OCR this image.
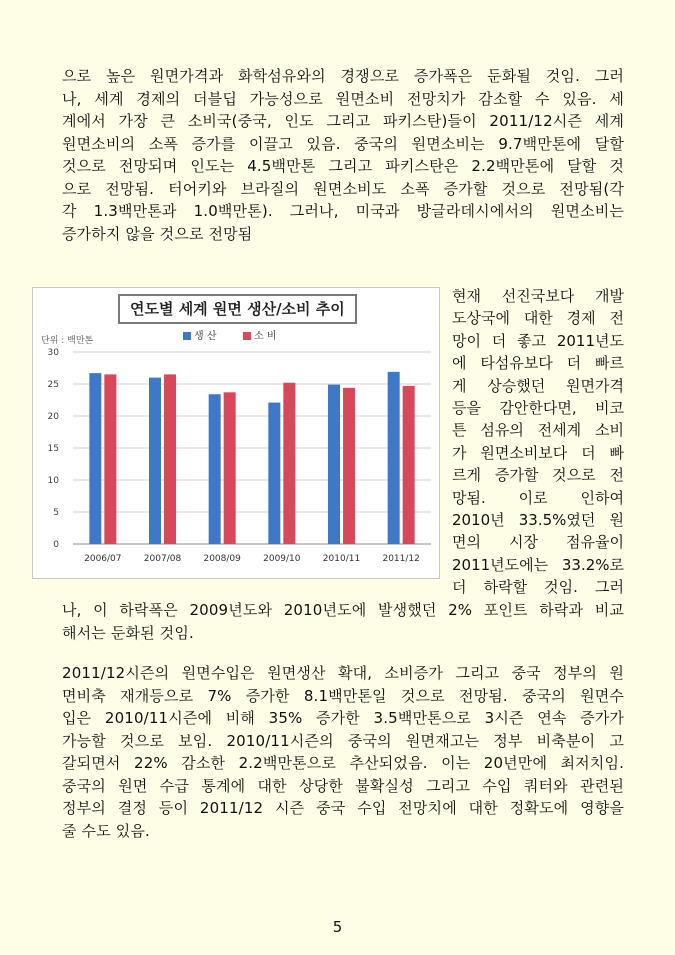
으로 높은 원면가격과 화학섬유와의 경쟁으로 증가폭은 둔화될 것임. 그러
나, 세계 경제의 더블딥 가능성으로 원면소비 전망치가 감소할 수 있음. 세
계에서 가장 큰 소비국(중국, 인도 그리고 파키스탄)들이 2011/12시즌 세계
원면소비의 소폭 증가를 이끌고 있음. 중국의 원면소비는 9.7백만톤에 달할
것으로 전망되며 인도는 4.5백만톤 그리고 파키스탄은 2.2백만톤에 달할 것
으로 전망됨. 터어키와 브라질의 원면소비도 소폭 증가할 것으로 전망됨(각
각 1.3백만톤과 1.0백만톤). 그러나, 미국과 방글라데시에서의 원면소비는
증가하지 않을 것으로 전망됨
연도별 세계 원면 생산/소비 추이
단위 : 백만톤	생 산	소 비
0
5
10
15
20
25
30
2006/07 2007/08 2008/09 2009/10 2010/11 2011/12
현재 선진국보다 개발
도상국에 대한 경제 전
망이 더 좋고 2011년도
에 타섬유보다 더 빠르
게 상승했던 원면가격
등을 감안한다면, 비코
튼 섬유의 전세계 소비
가 원면소비보다 더 빠
르게 증가할 것으로 전
망됨. 이로 인하여
2010년 33.5%였던 원
면의 시장 점유율이
2011년도에는 33.2%로
더 하락할 것임. 그러
나, 이 하락폭은 2009년도와 2010년도에 발생했던 2% 포인트 하락과 비교
해서는 둔화된 것임.
2011/12시즌의 원면수입은 원면생산 확대, 소비증가 그리고 중국 정부의 원
면비축 재개등으로 7% 증가한 8.1백만톤일 것으로 전망됨. 중국의 원면수
입은 2010/11시즌에 비해 35% 증가한 3.5백만톤으로 3시즌 연속 증가가
가능할 것으로 보임. 2010/11시즌의 중국의 원면재고는 정부 비축분이 고
갈되면서 22% 감소한 2.2백만톤으로 추산되었음. 이는 20년만에 최저치임.
중국의 원면 수급 통계에 대한 상당한 불확실성 그리고 수입 쿼터와 관련된
정부의 결정 등이 2011/12 시즌 중국 수입 전망치에 대한 정확도에 영향을
줄 수도 있음.
5
